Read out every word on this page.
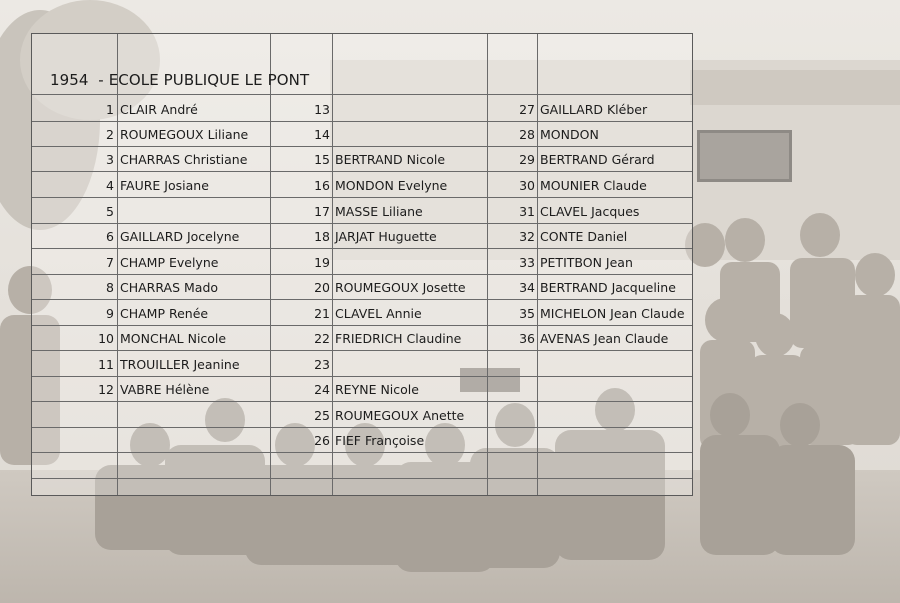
1954  - ECOLE PUBLIQUE LE PONT
1 CLAIR André
2 ROUMEGOUX Liliane
3 CHARRAS Christiane
4 FAURE Josiane
5
6 GAILLARD Jocelyne
7 CHAMP Evelyne
8 CHARRAS Mado
9 CHAMP Renée
10 MONCHAL Nicole
11 TROUILLER Jeanine
12 VABRE Hélène
13
14
15 BERTRAND Nicole
16 MONDON Evelyne
17 MASSE Liliane
18 JARJAT Huguette
19
20 ROUMEGOUX Josette
21 CLAVEL Annie
22 FRIEDRICH Claudine
23
24 REYNE Nicole
25 ROUMEGOUX Anette
26 FIEF Françoise
27 GAILLARD Kléber
28 MONDON
29 BERTRAND Gérard
30 MOUNIER Claude
31 CLAVEL Jacques
32 CONTE Daniel
33 PETITBON Jean
34 BERTRAND Jacqueline
35 MICHELON Jean Claude
36 AVENAS Jean Claude
